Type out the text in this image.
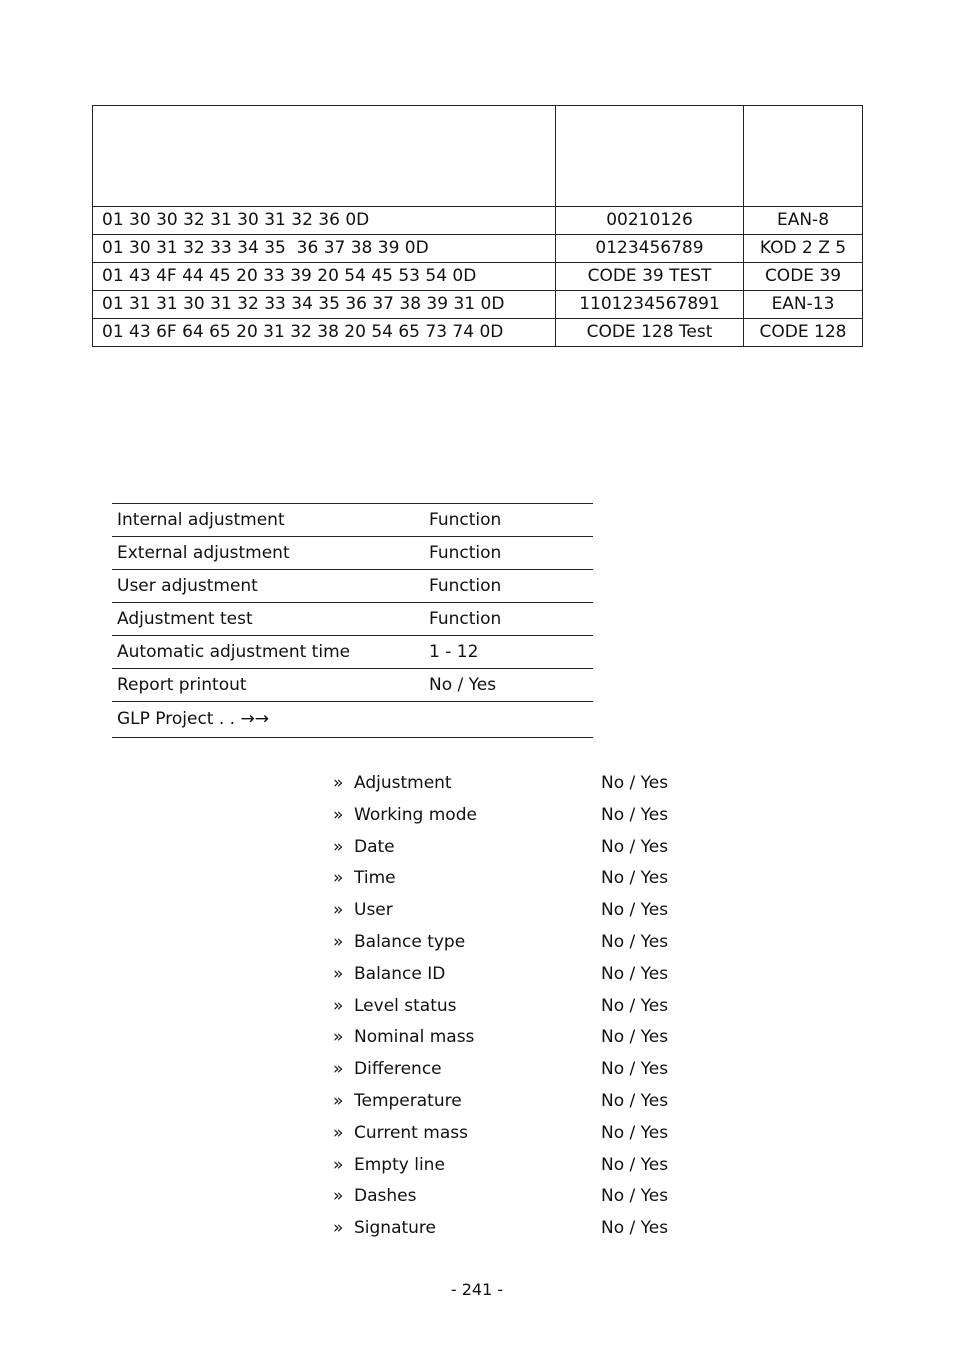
01 30 30 32 31 30 31 32 36 0D	00210126	EAN-8
01 30 31 32 33 34 35  36 37 38 39 0D	0123456789	KOD 2 Z 5
01 43 4F 44 45 20 33 39 20 54 45 53 54 0D	CODE 39 TEST	CODE 39
01 31 31 30 31 32 33 34 35 36 37 38 39 31 0D	1101234567891	EAN-13
01 43 6F 64 65 20 31 32 38 20 54 65 73 74 0D	CODE 128 Test	CODE 128
Internal adjustment	Function
External adjustment	Function
User adjustment	Function
Adjustment test	Function
Automatic adjustment time	1 - 12
Report printout	No / Yes
GLP Project . . →→	
» Adjustment	No / Yes
» Working mode	No / Yes
» Date	No / Yes
» Time	No / Yes
» User	No / Yes
» Balance type	No / Yes
» Balance ID	No / Yes
» Level status	No / Yes
» Nominal mass	No / Yes
» Difference	No / Yes
» Temperature	No / Yes
» Current mass	No / Yes
» Empty line	No / Yes
» Dashes	No / Yes
» Signature	No / Yes
- 241 -
